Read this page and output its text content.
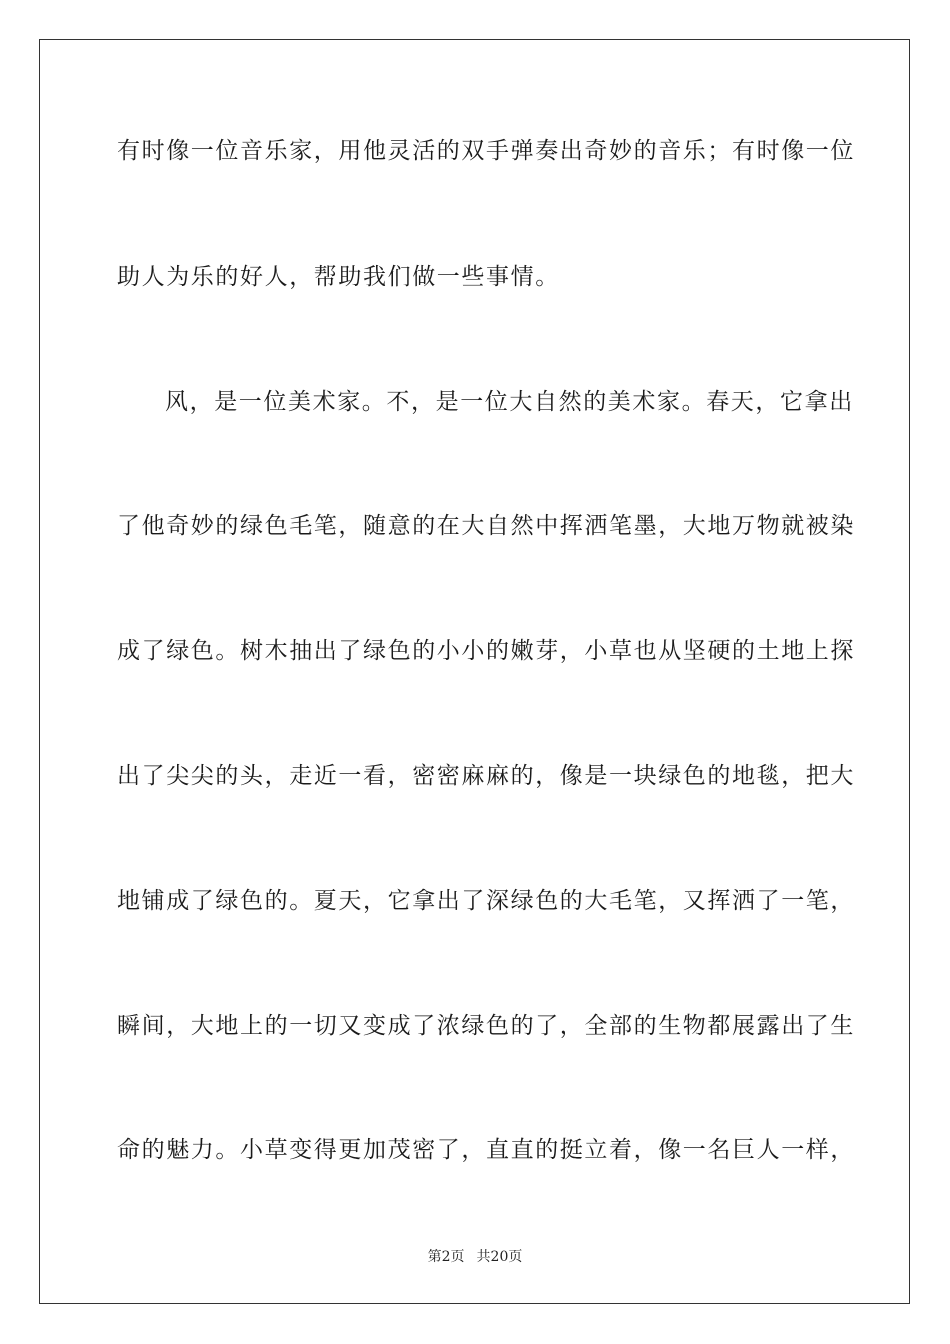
有时像一位音乐家，用他灵活的双手弹奏出奇妙的音乐；有时像一位
助人为乐的好人，帮助我们做一些事情。
风，是一位美术家。不，是一位大自然的美术家。春天，它拿出
了他奇妙的绿色毛笔，随意的在大自然中挥洒笔墨，大地万物就被染
成了绿色。树木抽出了绿色的小小的嫩芽，小草也从坚硬的土地上探
出了尖尖的头，走近一看，密密麻麻的，像是一块绿色的地毯，把大
地铺成了绿色的。夏天，它拿出了深绿色的大毛笔，又挥洒了一笔，
瞬间，大地上的一切又变成了浓绿色的了，全部的生物都展露出了生
命的魅力。小草变得更加茂密了，直直的挺立着，像一名巨人一样，
第2页 共20页
